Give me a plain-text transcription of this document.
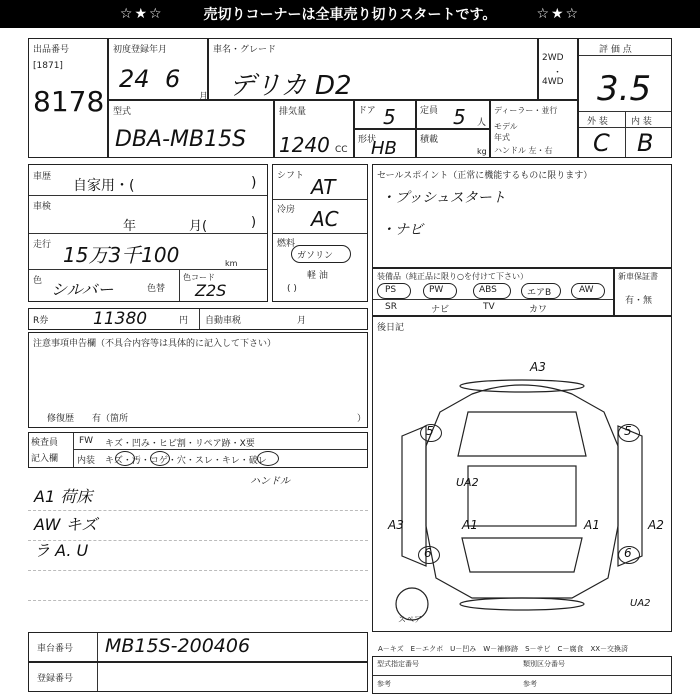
☆★☆	売切りコーナーは全車売り切りスタートです。	☆★☆
出品番号
[1871]
8178
初度登録年月
24 6
月
車名・グレード
デリカ D2
2WD
・
4WD
評 価 点
3.5
外 装	内 装
C B
型式
DBA-MB15S
排気量
1240 CC
ドア 5	定員 5 人
形状
HB	積載
kg
ディーラー・並行
モデル
年式
ハンドル 左・右
車歴
自家用・(	)
車検
年	月(	)
走行 15万3千100	km
色 シルバー	色替
色コード
Z2S
シフト AT
冷房 AC
燃料
ガソリン
軽 油
( )
セールスポイント（正常に機能するものに限ります）
・プッシュスタート
・ナビ
装備品（純正品に限り○を付けて下さい）
PS	PW	ABS	エアB	AW
SR	ナビ	TV	カワ
新車保証書
有・無
R券	11380	円 自動車税	月
注意事項申告欄（不具合内容等は具体的に記入して下さい）
修復歴　　有（箇所	）
検査員
記入欄
FW キズ・凹み・ヒビ割・リペア跡・X要
内装 キズ・汚・コゲ・穴・スレ・キレ・破レ
ハンドル
A1 荷床
AW キズ
ラ A. U
後日記
A3
5	5
UA2
A3	A1	A1	A2
6	6
UA2
スペア
A－キズ　E－エクボ　U－凹み　W－補修跡　S－サビ　C－腐食　XX－交換済
車台番号 MB15S-200406
登録番号
型式指定番号	類別区分番号
参考	参考
